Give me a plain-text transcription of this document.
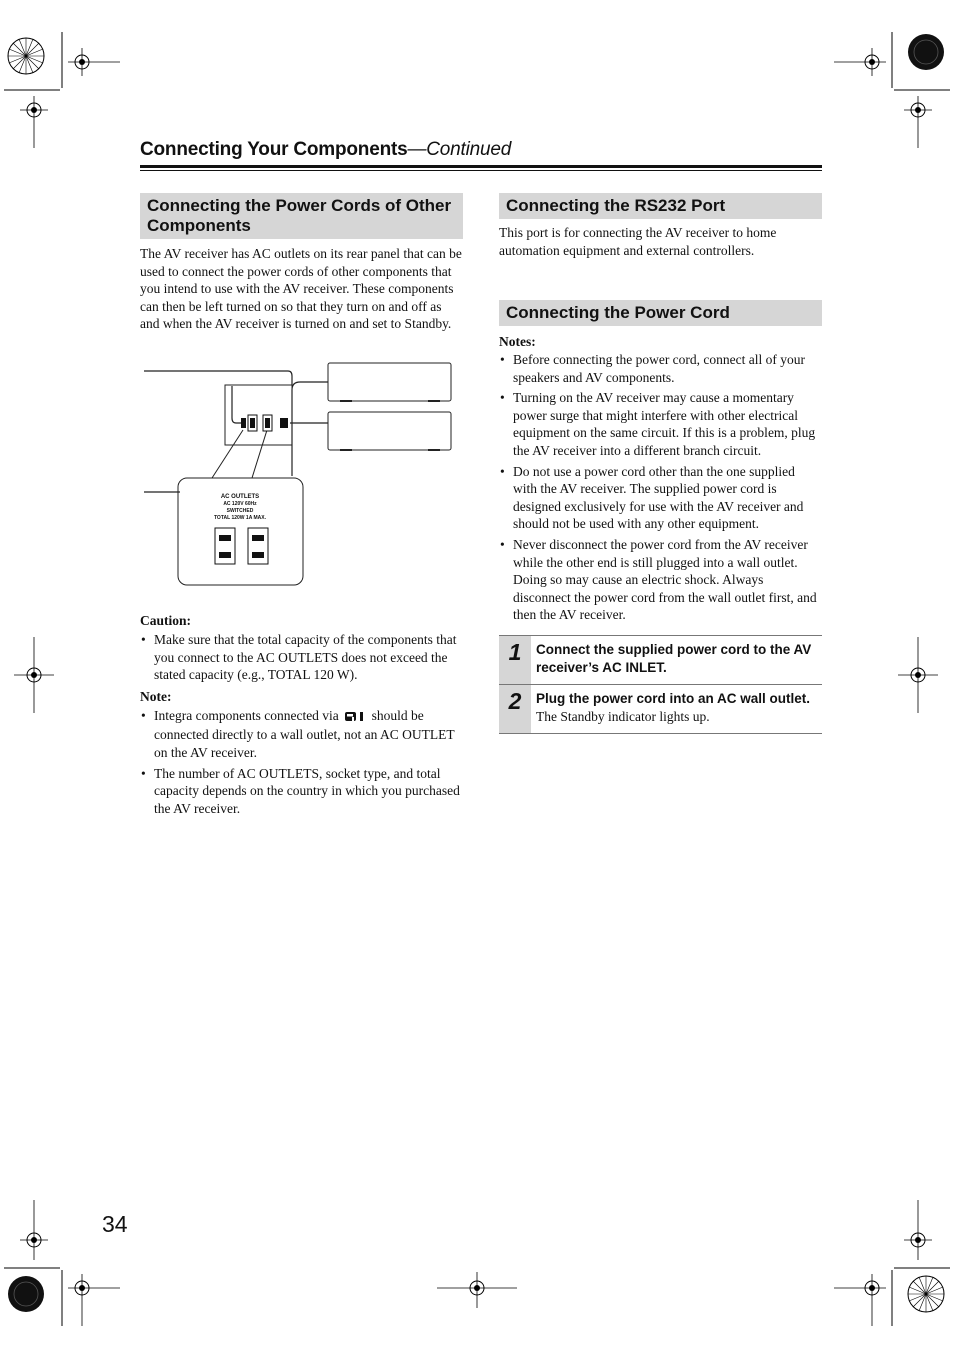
Connecting Your Components—Continued
Connecting the Power Cords of Other Components

The AV receiver has AC outlets on its rear panel that can be used to connect the power cords of other components that you intend to use with the AV receiver. These components can then be left turned on so that they turn on and off as and when the AV receiver is turned on and set to Standby.

AC OUTLETS
AC 120V 60Hz
SWITCHED
TOTAL 120W 1A MAX.
Caution:
• Make sure that the total capacity of the components that you connect to the AC OUTLETS does not exceed the stated capacity (e.g., TOTAL 120 W).
Note:
• Integra components connected via should be connected directly to a wall outlet, not an AC OUTLET on the AV receiver.
• The number of AC OUTLETS, socket type, and total capacity depends on the country in which you purchased the AV receiver.
Connecting the RS232 Port

This port is for connecting the AV receiver to home automation equipment and external controllers.

Connecting the Power Cord
Notes:
• Before connecting the power cord, connect all of your speakers and AV components.
• Turning on the AV receiver may cause a momentary power surge that might interfere with other electrical equipment on the same circuit. If this is a problem, plug the AV receiver into a different branch circuit.
• Do not use a power cord other than the one supplied with the AV receiver. The supplied power cord is designed exclusively for use with the AV receiver and should not be used with any other equipment.
• Never disconnect the power cord from the AV receiver while the other end is still plugged into a wall outlet. Doing so may cause an electric shock. Always disconnect the power cord from the wall outlet first, and then the AV receiver.
1	Connect the supplied power cord to the AV receiver’s AC INLET.
2	Plug the power cord into an AC wall outlet.
The Standby indicator lights up.
34
